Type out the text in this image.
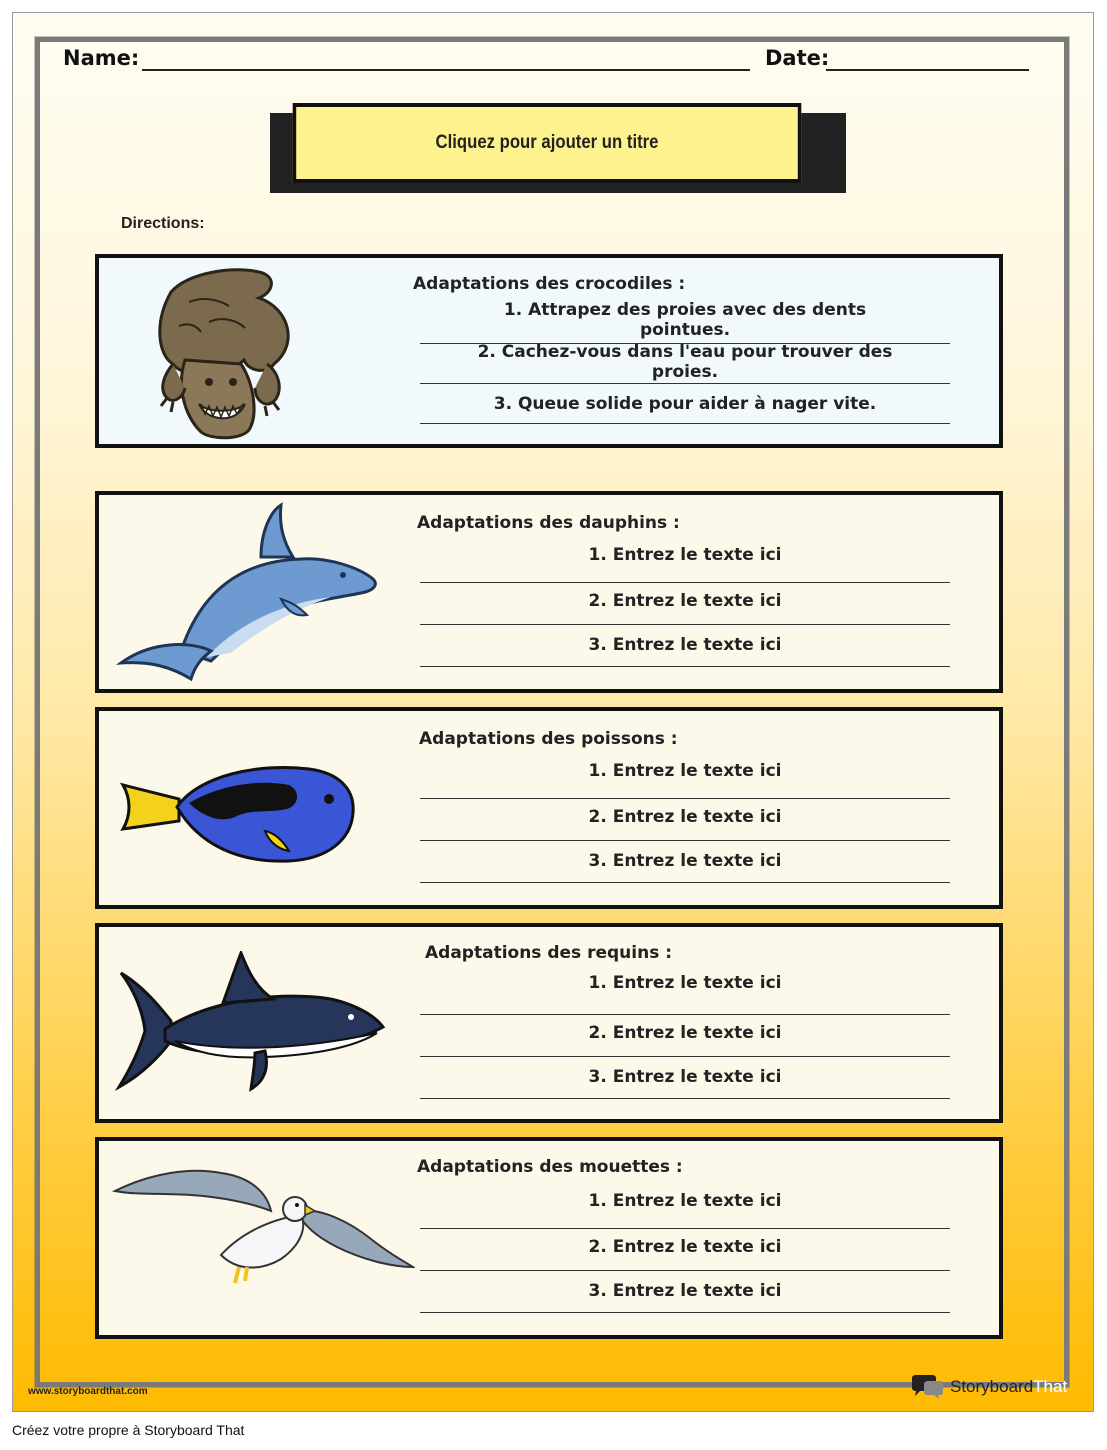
Name:	Date:
Cliquez pour ajouter un titre
Directions:
Adaptations des crocodiles :
1. Attrapez des proies avec des dents pointues.
2. Cachez-vous dans l'eau pour trouver des proies.
3. Queue solide pour aider à nager vite.
Adaptations des dauphins :
1. Entrez le texte ici
2. Entrez le texte ici
3. Entrez le texte ici
Adaptations des poissons :
1. Entrez le texte ici
2. Entrez le texte ici
3. Entrez le texte ici
Adaptations des requins :
1. Entrez le texte ici
2. Entrez le texte ici
3. Entrez le texte ici
Adaptations des mouettes :
1. Entrez le texte ici
2. Entrez le texte ici
3. Entrez le texte ici
www.storyboardthat.com	StoryboardThat
Créez votre propre à Storyboard That
